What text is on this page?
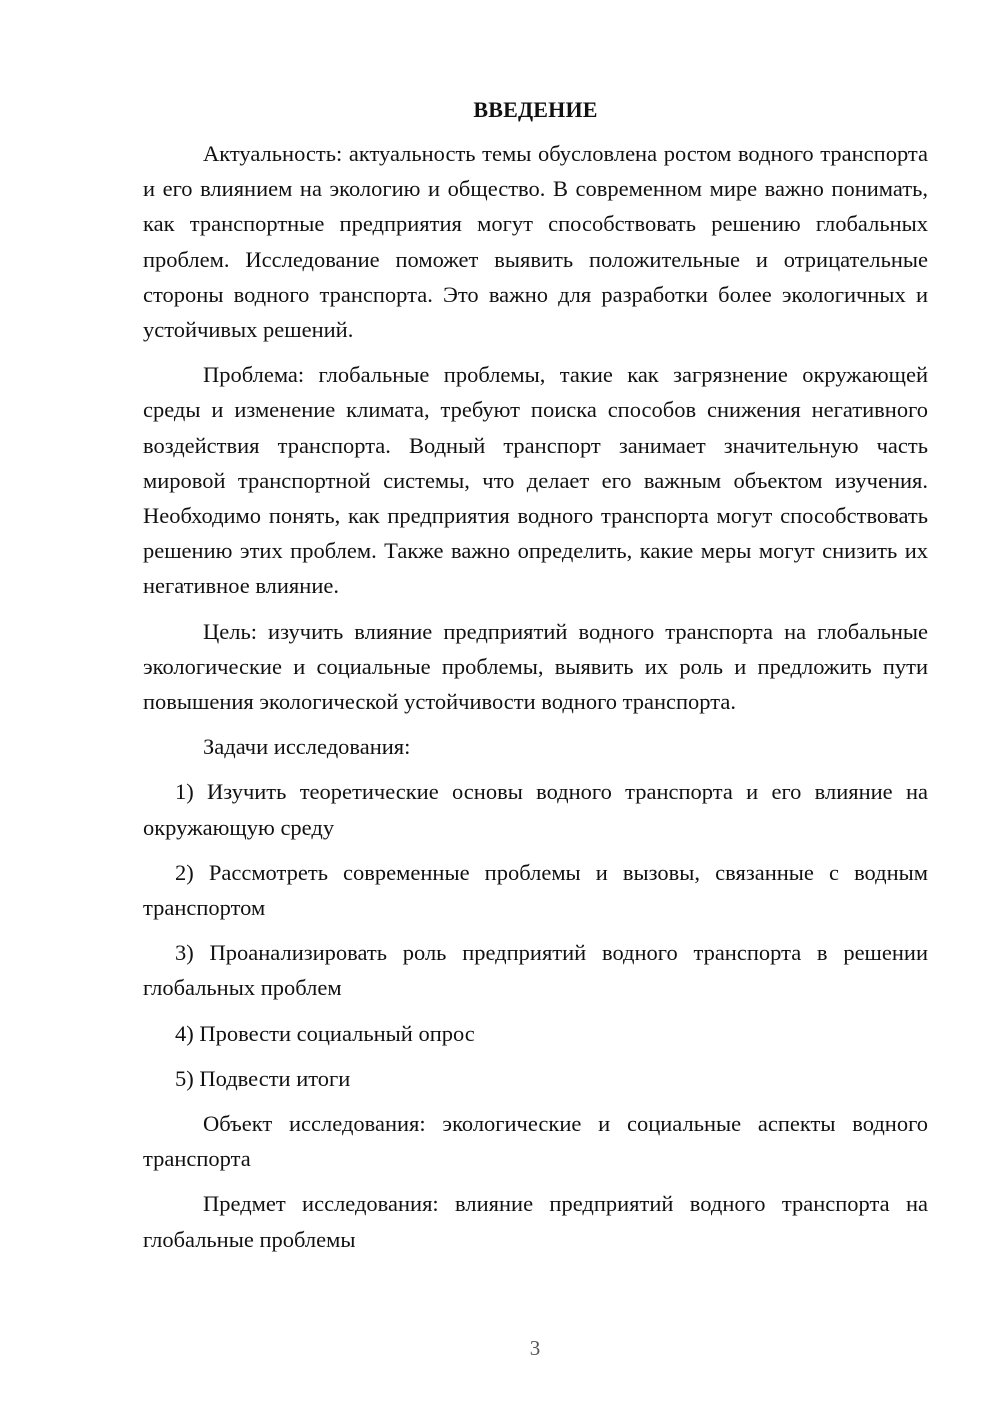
ВВЕДЕНИЕ

Актуальность: актуальность темы обусловлена ростом водного транспорта и его влиянием на экологию и общество. В современном мире важно понимать, как транспортные предприятия могут способствовать решению глобальных проблем. Исследование поможет выявить положительные и отрицательные стороны водного транспорта. Это важно для разработки более экологичных и устойчивых решений.

Проблема: глобальные проблемы, такие как загрязнение окружающей среды и изменение климата, требуют поиска способов снижения негативного воздействия транспорта. Водный транспорт занимает значительную часть мировой транспортной системы, что делает его важным объектом изучения. Необходимо понять, как предприятия водного транспорта могут способствовать решению этих проблем. Также важно определить, какие меры могут снизить их негативное влияние.

Цель: изучить влияние предприятий водного транспорта на глобальные экологические и социальные проблемы, выявить их роль и предложить пути повышения экологической устойчивости водного транспорта.

Задачи исследования:

1) Изучить теоретические основы водного транспорта и его влияние на окружающую среду

2) Рассмотреть современные проблемы и вызовы, связанные с водным транспортом

3) Проанализировать роль предприятий водного транспорта в решении глобальных проблем

4) Провести социальный опрос

5) Подвести итоги

Объект исследования: экологические и социальные аспекты водного транспорта

Предмет исследования: влияние предприятий водного транспорта на глобальные проблемы

3
